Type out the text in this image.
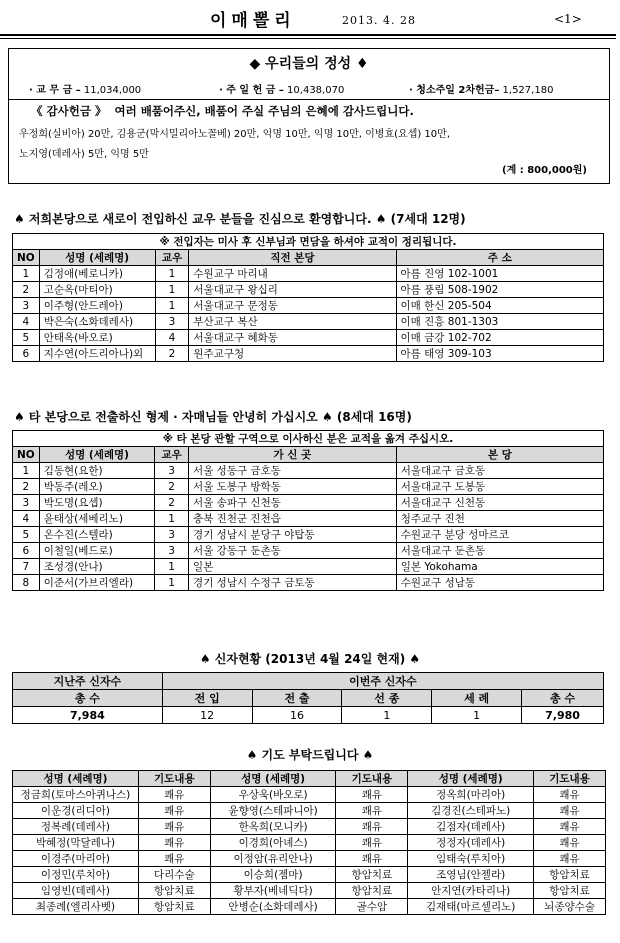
이매뽈리	2013. 4. 28	<1>
◆ 우리들의 정성 ♦
· 교 무 금 – 11,034,000	· 주 일 헌 금 – 10,438,070	· 청소주일 2차헌금– 1,527,180
《 감사헌금 》 여러 배품어주신, 배품어 주실 주님의 은혜에 감사드립니다.
우정희(실비아) 20만, 김용군(막시밀리아노꼴베) 20만, 익명 10만, 익명 10만, 이병효(요셉) 10만,
노지영(데레사) 5만, 익명 5만
(계 : 800,000원)
♠ 저희본당으로 새로이 전입하신 교우 분들을 진심으로 환영합니다. ♠ (7세대 12명)
※ 전입자는 미사 후 신부님과 면담을 하셔야 교적이 정리됩니다.				
NO	성명 (세례명)	교우	직전 본당	주 소
1	김정애(베로니카)	1	수원교구 마리내	아름 진영 102-1001
2	고순옥(마티아)	1	서울대교구 왕십리	아름 풍림 508-1902
3	이주형(안드레아)	1	서울대교구 문정동	이매 한신 205-504
4	박은숙(소화데레사)	3	부산교구 복산	이매 진흥 801-1303
5	안태옥(바오로)	4	서울대교구 혜화동	이매 금강 102-702
6	지수연(아드리아나)외	2	원주교구청	아름 태영 309-103
♠ 타 본당으로 전출하신 형제 · 자매님들 안녕히 가십시오 ♠ (8세대 16명)
※ 타 본당 관할 구역으로 이사하신 분은 교적을 옮겨 주십시오.				
NO	성명 (세례명)	교우	가 신 곳	본 당
1	김동현(요한)	3	서울 성동구 금호동	서울대교구 금호동
2	박동주(레오)	2	서울 도봉구 방학동	서울대교구 도봉동
3	박도명(요셉)	2	서울 송파구 신천동	서울대교구 신천동
4	윤태상(세베리노)	1	충북 진천군 진천읍	청주교구 진천
5	온수진(스텔라)	3	경기 성남시 분당구 야탑동	수원교구 분당 성마르코
6	이철일(베드로)	3	서울 강동구 둔촌동	서울대교구 둔촌동
7	조성경(안나)	1	일본	일본 Yokohama
8	이준서(가브리엘라)	1	경기 성남시 수정구 금토동	수원교구 성남동
♠ 신자현황 (2013년 4월 24일 현재) ♠
지난주 신자수	이번주 신자수				
총 수	전 입	전 출	선 종	세 례	총 수
7,984	12	16	1	1	7,980
♠ 기도 부탁드립니다 ♠
성명 (세례명)	기도내용	성명 (세례명)	기도내용	성명 (세례명)	기도내용
정금희(토마스아퀴나스)	쾌유	우상욱(바오로)	쾌유	정옥희(마리아)	쾌유
이운경(리디아)	쾌유	윤향영(스테파니아)	쾌유	김경진(스테파노)	쾌유
정복례(데레사)	쾌유	한옥희(모니카)	쾌유	김점자(데레사)	쾌유
박혜정(막달레나)	쾌유	이경희(아녜스)	쾌유	정정자(데레사)	쾌유
이경주(마리아)	쾌유	이정암(유리안나)	쾌유	임태숙(루치아)	쾌유
이정민(루치아)	다리수술	이승희(젬마)	항암치료	조영님(안젤라)	항암치료
임영빈(데레사)	항암치료	황부자(베네딕다)	항암치료	안지연(카타리나)	항암치료
최종례(엘리사벳)	항암치료	안병순(소화데레사)	골수암	김재태(마르셀리노)	뇌종양수술
